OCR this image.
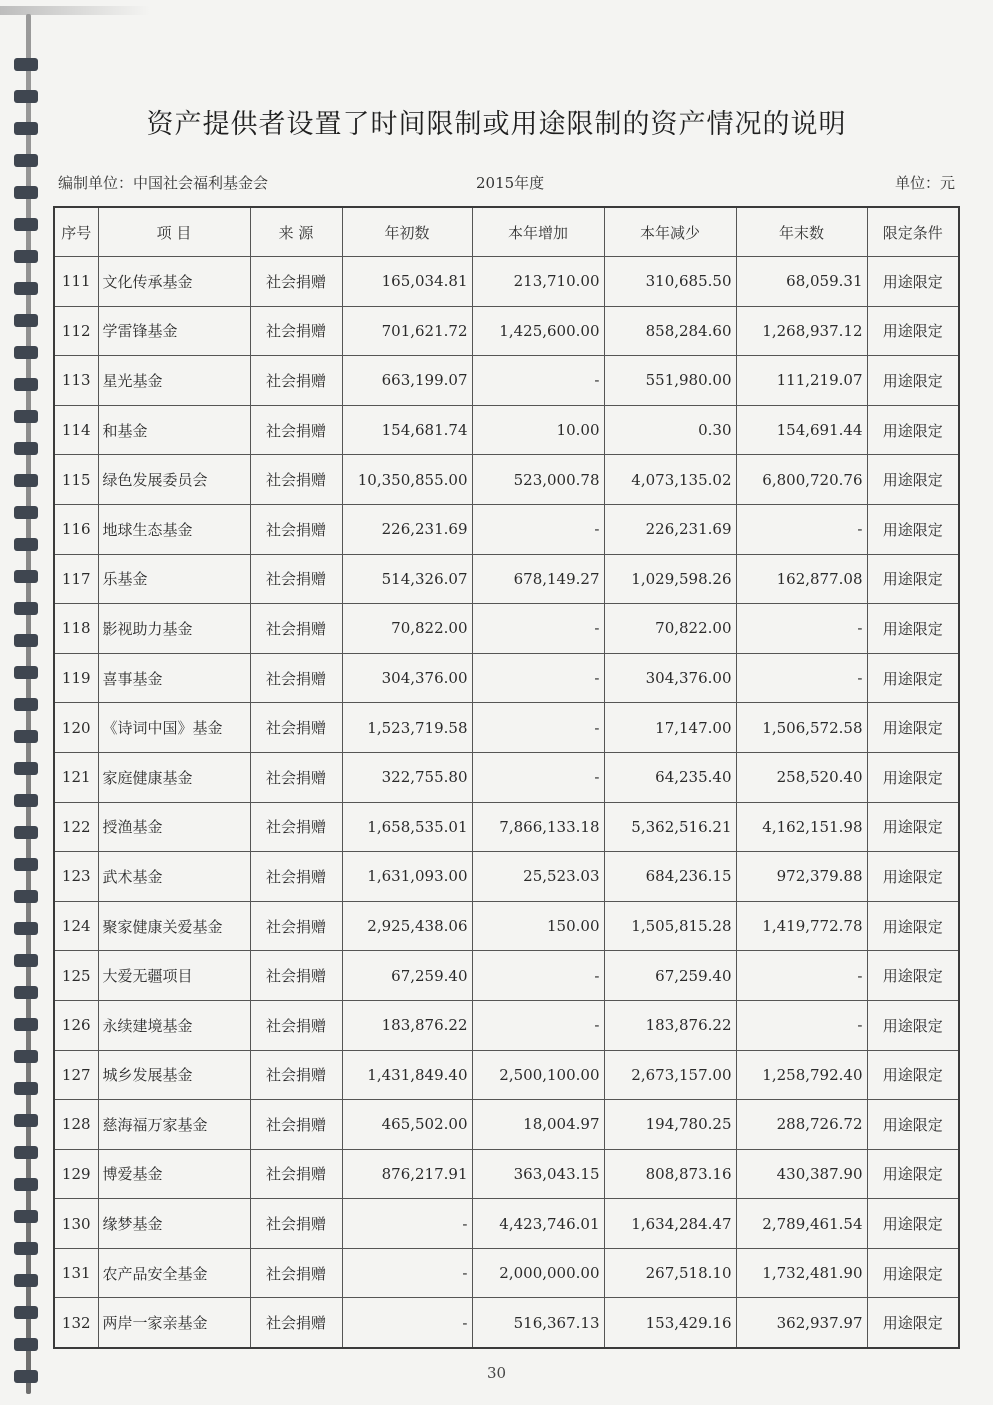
资产提供者设置了时间限制或用途限制的资产情况的说明
编制单位：中国社会福利基金会	2015年度	单位：元
序号	项 目	来 源	年初数	本年增加	本年减少	年末数	限定条件
111	文化传承基金	社会捐赠	165,034.81	213,710.00	310,685.50	68,059.31	用途限定
112	学雷锋基金	社会捐赠	701,621.72	1,425,600.00	858,284.60	1,268,937.12	用途限定
113	星光基金	社会捐赠	663,199.07	-	551,980.00	111,219.07	用途限定
114	和基金	社会捐赠	154,681.74	10.00	0.30	154,691.44	用途限定
115	绿色发展委员会	社会捐赠	10,350,855.00	523,000.78	4,073,135.02	6,800,720.76	用途限定
116	地球生态基金	社会捐赠	226,231.69	-	226,231.69	-	用途限定
117	乐基金	社会捐赠	514,326.07	678,149.27	1,029,598.26	162,877.08	用途限定
118	影视助力基金	社会捐赠	70,822.00	-	70,822.00	-	用途限定
119	喜事基金	社会捐赠	304,376.00	-	304,376.00	-	用途限定
120	《诗词中国》基金	社会捐赠	1,523,719.58	-	17,147.00	1,506,572.58	用途限定
121	家庭健康基金	社会捐赠	322,755.80	-	64,235.40	258,520.40	用途限定
122	授渔基金	社会捐赠	1,658,535.01	7,866,133.18	5,362,516.21	4,162,151.98	用途限定
123	武术基金	社会捐赠	1,631,093.00	25,523.03	684,236.15	972,379.88	用途限定
124	聚家健康关爱基金	社会捐赠	2,925,438.06	150.00	1,505,815.28	1,419,772.78	用途限定
125	大爱无疆项目	社会捐赠	67,259.40	-	67,259.40	-	用途限定
126	永续建境基金	社会捐赠	183,876.22	-	183,876.22	-	用途限定
127	城乡发展基金	社会捐赠	1,431,849.40	2,500,100.00	2,673,157.00	1,258,792.40	用途限定
128	慈海福万家基金	社会捐赠	465,502.00	18,004.97	194,780.25	288,726.72	用途限定
129	博爱基金	社会捐赠	876,217.91	363,043.15	808,873.16	430,387.90	用途限定
130	缘梦基金	社会捐赠	-	4,423,746.01	1,634,284.47	2,789,461.54	用途限定
131	农产品安全基金	社会捐赠	-	2,000,000.00	267,518.10	1,732,481.90	用途限定
132	两岸一家亲基金	社会捐赠	-	516,367.13	153,429.16	362,937.97	用途限定
30
